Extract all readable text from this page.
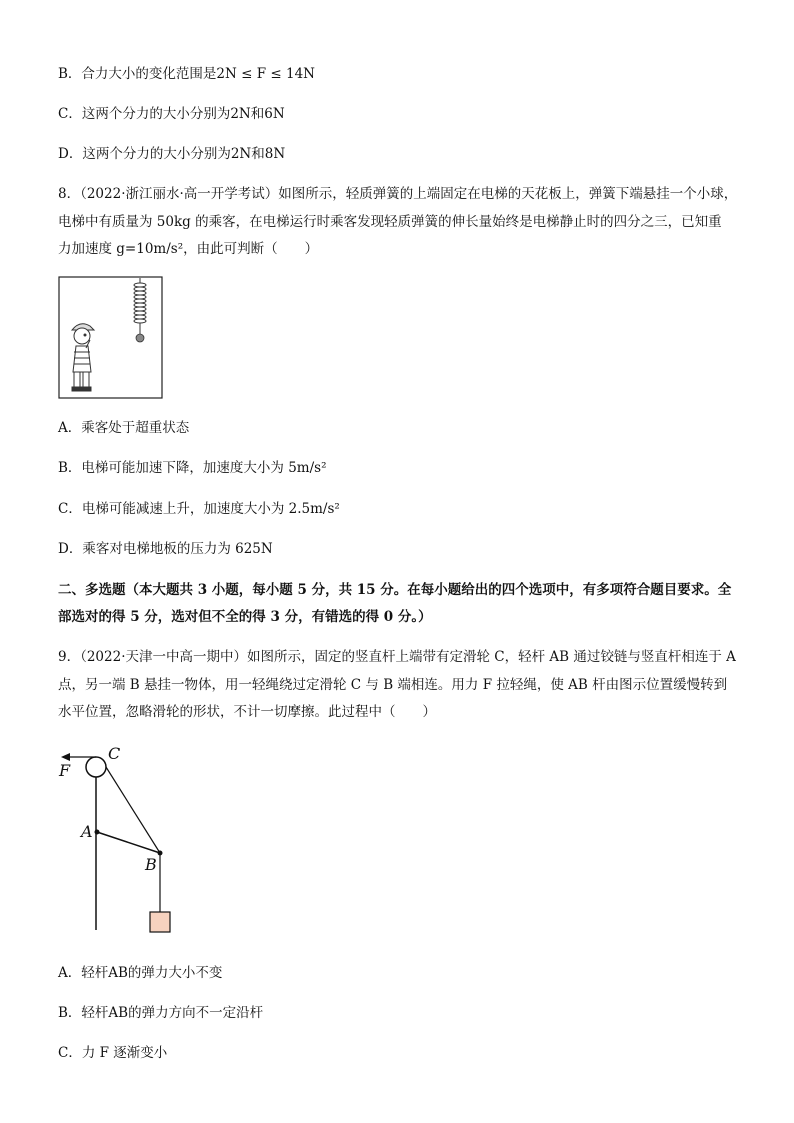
B．合力大小的变化范围是2N ≤ F ≤ 14N
C．这两个分力的大小分别为2N和6N
D．这两个分力的大小分别为2N和8N
8．（2022·浙江丽水·高一开学考试）如图所示，轻质弹簧的上端固定在电梯的天花板上，弹簧下端悬挂一个小球，
电梯中有质量为 50kg 的乘客，在电梯运行时乘客发现轻质弹簧的伸长量始终是电梯静止时的四分之三，已知重
力加速度 g=10m/s²，由此可判断（　　）
A．乘客处于超重状态
B．电梯可能加速下降，加速度大小为 5m/s²
C．电梯可能减速上升，加速度大小为 2.5m/s²
D．乘客对电梯地板的压力为 625N
二、多选题（本大题共 3 小题，每小题 5 分，共 15 分。在每小题给出的四个选项中，有多项符合题目要求。全
部选对的得 5 分，选对但不全的得 3 分，有错选的得 0 分。）
9．（2022·天津一中高一期中）如图所示，固定的竖直杆上端带有定滑轮 C，轻杆 AB 通过铰链与竖直杆相连于 A
点，另一端 B 悬挂一物体，用一轻绳绕过定滑轮 C 与 B 端相连。用力 F 拉轻绳，使 AB 杆由图示位置缓慢转到
水平位置，忽略滑轮的形状，不计一切摩擦。此过程中（　　）
F
C
A
B
A．轻杆AB的弹力大小不变
B．轻杆AB的弹力方向不一定沿杆
C．力 F 逐渐变小
